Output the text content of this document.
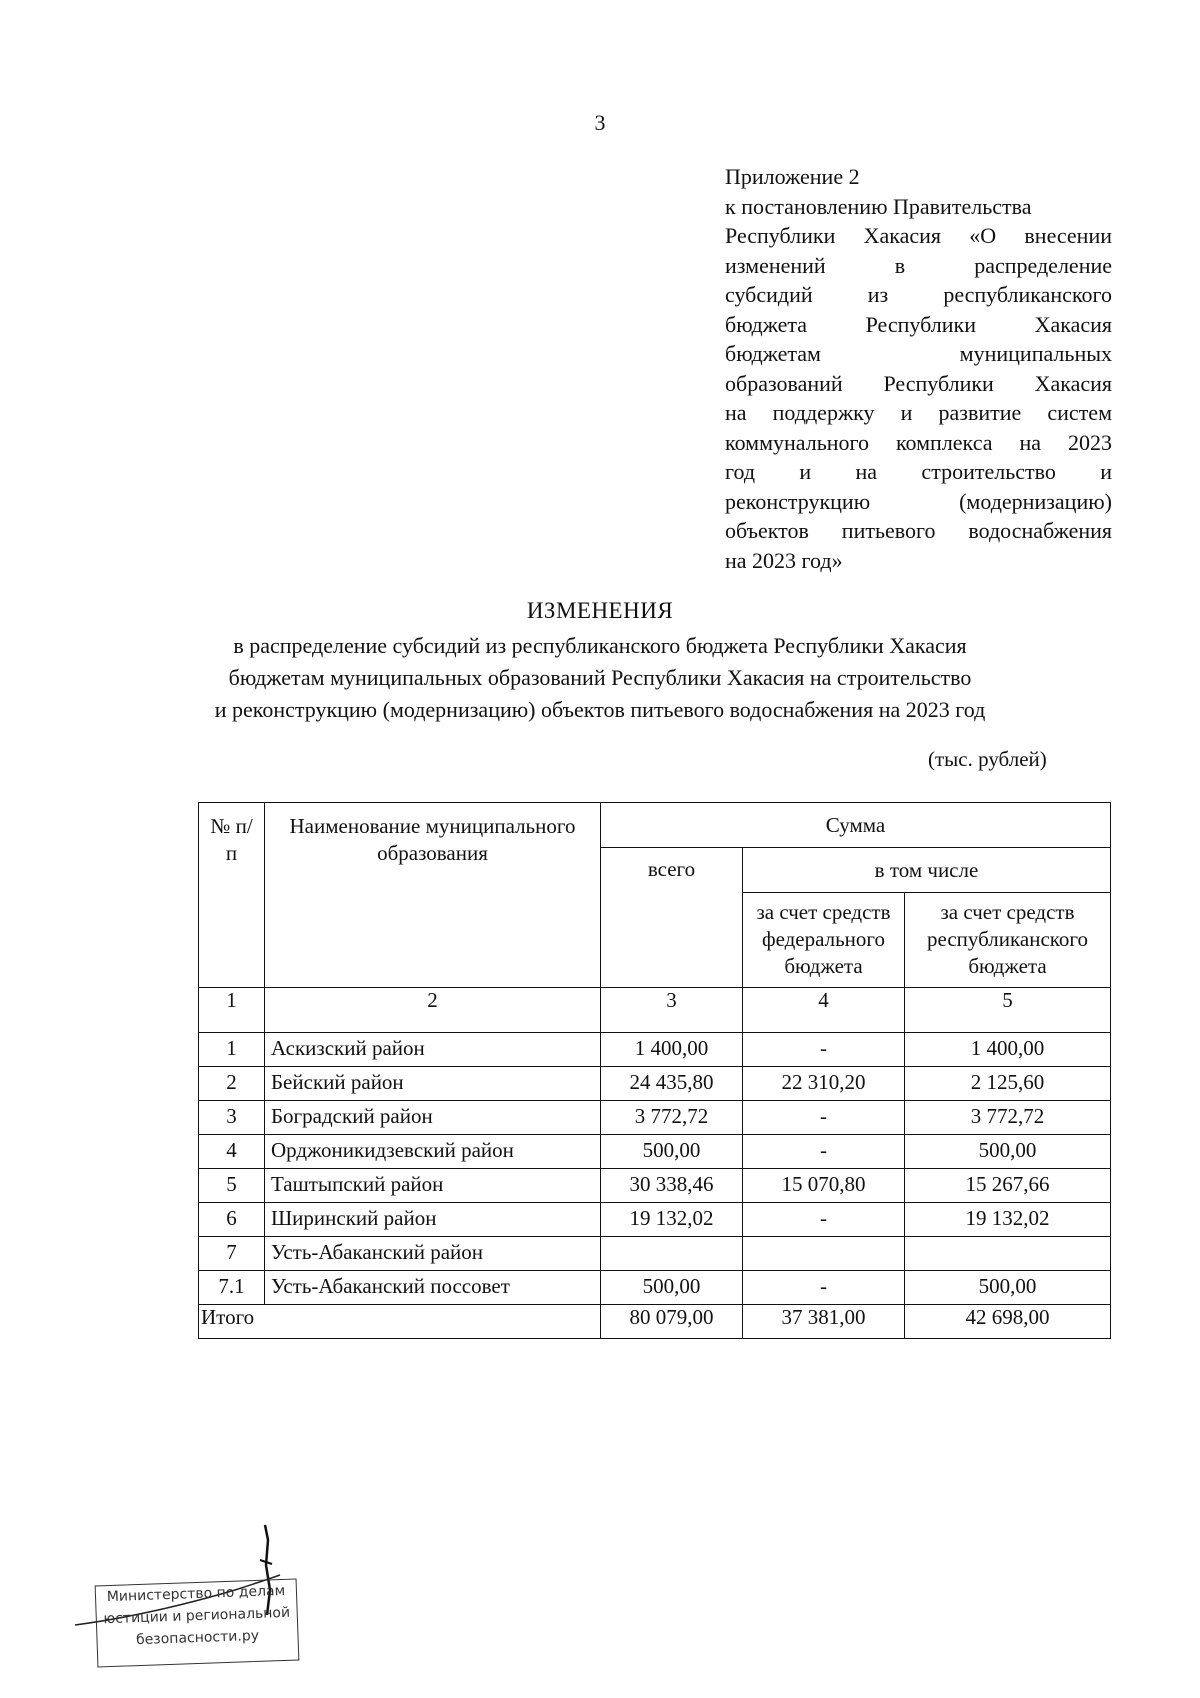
3
Приложение 2
к постановлению Правительства
Республики Хакасия «О внесении
изменений в распределение
субсидий из республиканского
бюджета Республики Хакасия
бюджетам муниципальных
образований Республики Хакасия
на поддержку и развитие систем
коммунального комплекса на 2023
год и на строительство и
реконструкцию (модернизацию)
объектов питьевого водоснабжения
на 2023 год»
ИЗМЕНЕНИЯ
в распределение субсидий из республиканского бюджета Республики Хакасия
бюджетам муниципальных образований Республики Хакасия на строительство
и реконструкцию (модернизацию) объектов питьевого водоснабжения на 2023 год
(тыс. рублей)
№ п/п	Наименование муниципального образования	Сумма		
		всего	в том числе	
			за счет средств федерального бюджета	за счет средств республиканского бюджета
1	2	3	4	5
1	Аскизский район	1 400,00	-	1 400,00
2	Бейский район	24 435,80	22 310,20	2 125,60
3	Боградский район	3 772,72	-	3 772,72
4	Орджоникидзевский район	500,00	-	500,00
5	Таштыпский район	30 338,46	15 070,80	15 267,66
6	Ширинский район	19 132,02	-	19 132,02
7	Усть-Абаканский район			
7.1	Усть-Абаканский поссовет	500,00	-	500,00
Итого		80 079,00	37 381,00	42 698,00
Министерство по делам
юстиции и региональной
безопасности.ру
